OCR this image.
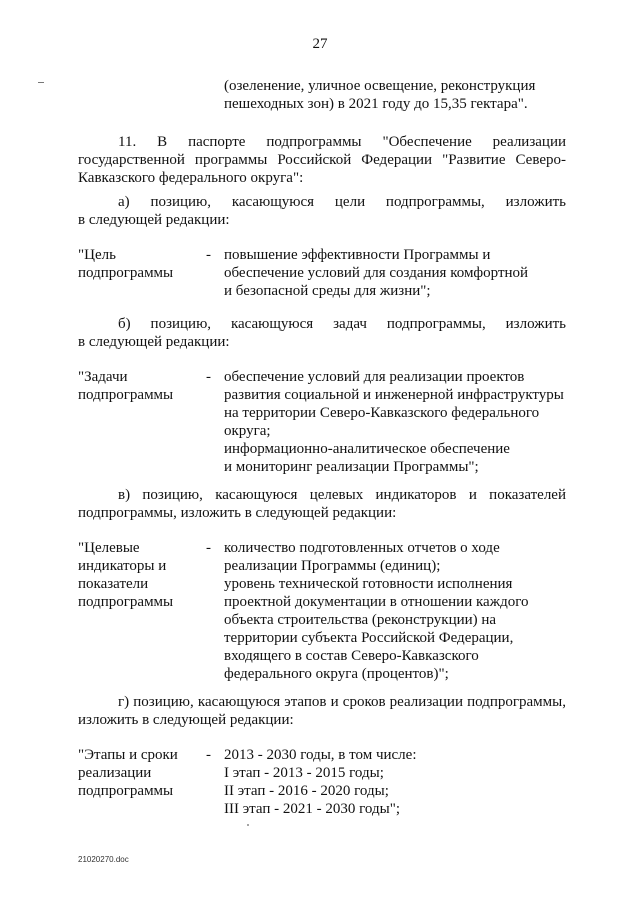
27
(озеленение, уличное освещение, реконструкция
пешеходных зон) в 2021 году до 15,35 гектара".
11. В паспорте подпрограммы "Обеспечение реализации
государственной программы Российской Федерации "Развитие Северо-
Кавказского федерального округа":
а) позицию, касающуюся цели подпрограммы, изложить
в следующей редакции:
"Цель
подпрограммы
- повышение эффективности Программы и
обеспечение условий для создания комфортной
и безопасной среды для жизни";
б) позицию, касающуюся задач подпрограммы, изложить
в следующей редакции:
"Задачи
подпрограммы
- обеспечение условий для реализации проектов
развития социальной и инженерной инфраструктуры
на территории Северо-Кавказского федерального
округа;
информационно-аналитическое обеспечение
и мониторинг реализации Программы";
в) позицию, касающуюся целевых индикаторов и показателей
подпрограммы, изложить в следующей редакции:
"Целевые
индикаторы и
показатели
подпрограммы
- количество подготовленных отчетов о ходе
реализации Программы (единиц);
уровень технической готовности исполнения
проектной документации в отношении каждого
объекта строительства (реконструкции) на
территории субъекта Российской Федерации,
входящего в состав Северо-Кавказского
федерального округа (процентов)";
г) позицию, касающуюся этапов и сроков реализации подпрограммы,
изложить в следующей редакции:
"Этапы и сроки
реализации
подпрограммы
- 2013 - 2030 годы, в том числе:
I этап - 2013 - 2015 годы;
II этап - 2016 - 2020 годы;
III этап - 2021 - 2030 годы";
21020270.doc
